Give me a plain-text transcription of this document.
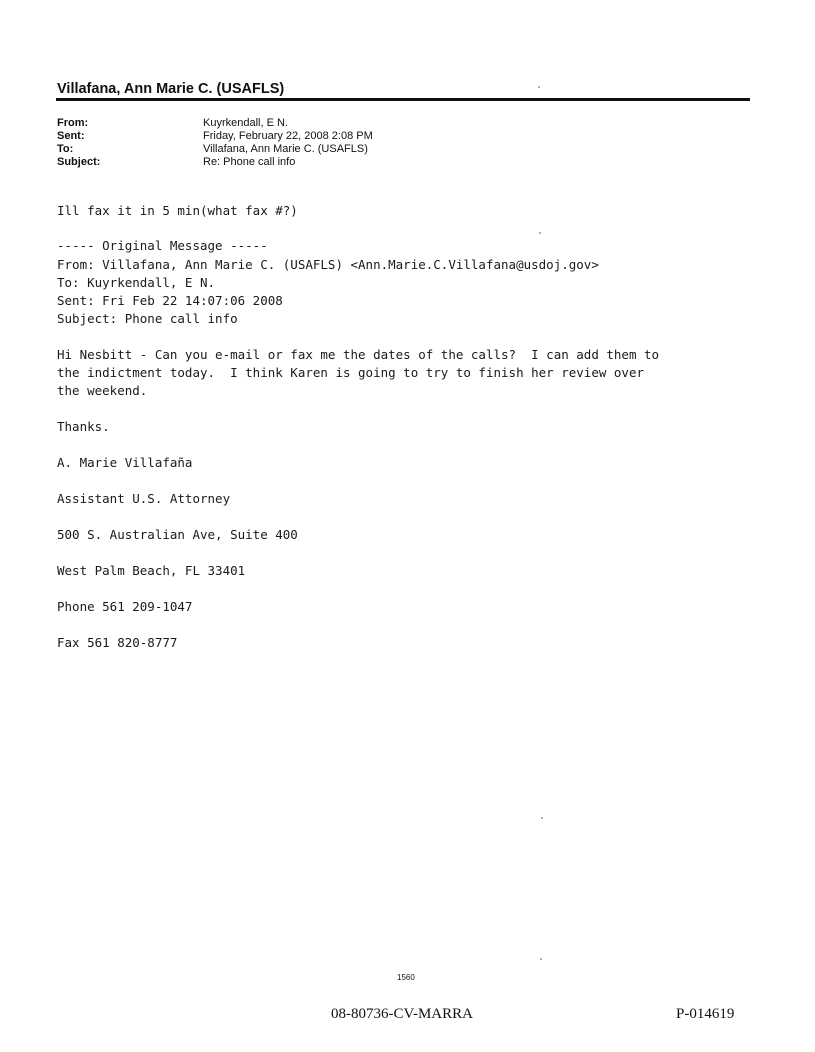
Villafana, Ann Marie C. (USAFLS)
From:	Kuyrkendall, E N.
Sent:	Friday, February 22, 2008 2:08 PM
To:	Villafana, Ann Marie C. (USAFLS)
Subject:	Re: Phone call info
Ill fax it in 5 min(what fax #?)
----- Original Message -----
From: Villafana, Ann Marie C. (USAFLS) <Ann.Marie.C.Villafana@usdoj.gov>
To: Kuyrkendall, E N.
Sent: Fri Feb 22 14:07:06 2008
Subject: Phone call info
Hi Nesbitt - Can you e-mail or fax me the dates of the calls?  I can add them to
the indictment today.  I think Karen is going to try to finish her review over
the weekend.
Thanks.
A. Marie Villafaña
Assistant U.S. Attorney
500 S. Australian Ave, Suite 400
West Palm Beach, FL 33401
Phone 561 209-1047
Fax 561 820-8777
1560
08-80736-CV-MARRA	P-014619
